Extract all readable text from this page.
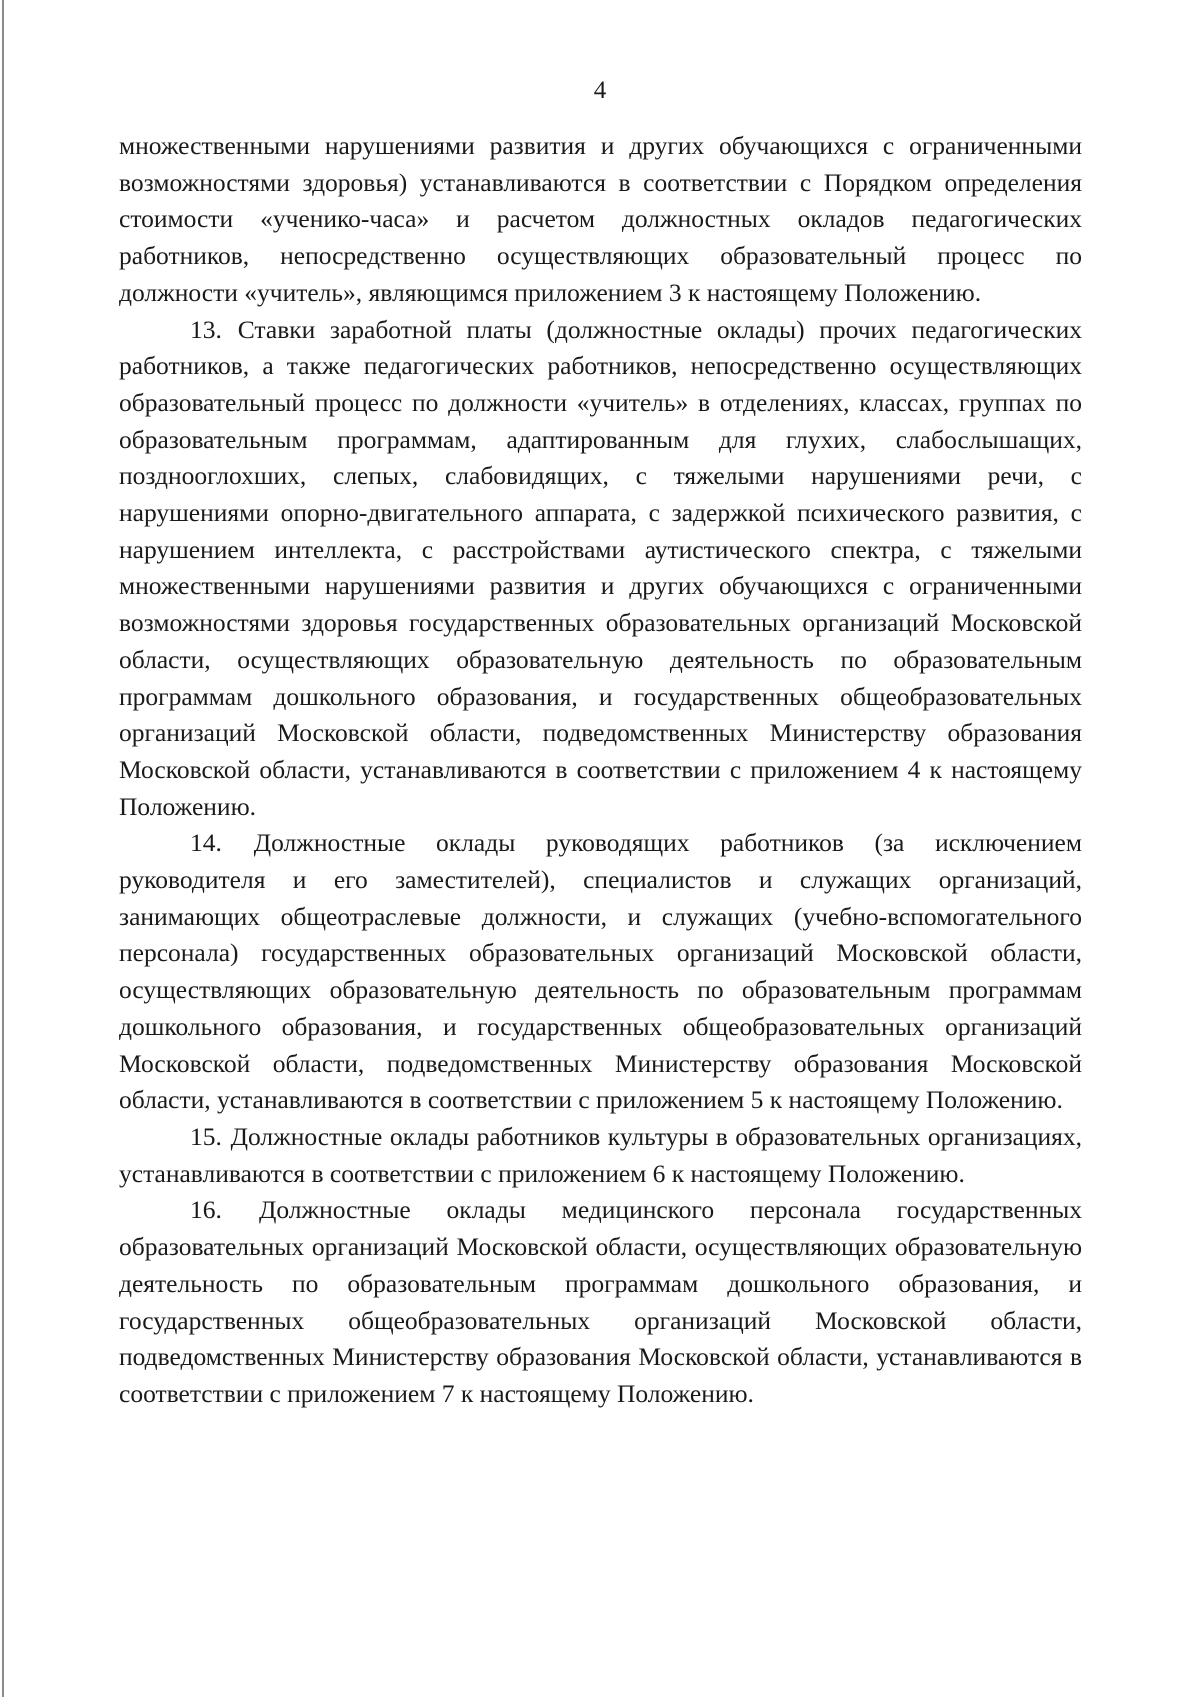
4

множественными нарушениями развития и других обучающихся с ограниченными возможностями здоровья) устанавливаются в соответствии с Порядком определения стоимости «ученико-часа» и расчетом должностных окладов педагогических работников, непосредственно осуществляющих образовательный процесс по должности «учитель», являющимся приложением 3 к настоящему Положению.

13. Ставки заработной платы (должностные оклады) прочих педагогических работников, а также педагогических работников, непосредственно осуществляющих образовательный процесс по должности «учитель» в отделениях, классах, группах по образовательным программам, адаптированным для глухих, слабослышащих, позднооглохших, слепых, слабовидящих, с тяжелыми нарушениями речи, с нарушениями опорно-двигательного аппарата, с задержкой психического развития, с нарушением интеллекта, с расстройствами аутистического спектра, с тяжелыми множественными нарушениями развития и других обучающихся с ограниченными возможностями здоровья государственных образовательных организаций Московской области, осуществляющих образовательную деятельность по образовательным программам дошкольного образования, и государственных общеобразовательных организаций Московской области, подведомственных Министерству образования Московской области, устанавливаются в соответствии с приложением 4 к настоящему Положению.

14. Должностные оклады руководящих работников (за исключением руководителя и его заместителей), специалистов и служащих организаций, занимающих общеотраслевые должности, и служащих (учебно-вспомогательного персонала) государственных образовательных организаций Московской области, осуществляющих образовательную деятельность по образовательным программам дошкольного образования, и государственных общеобразовательных организаций Московской области, подведомственных Министерству образования Московской области, устанавливаются в соответствии с приложением 5 к настоящему Положению.

15. Должностные оклады работников культуры в образовательных организациях, устанавливаются в соответствии с приложением 6 к настоящему Положению.

16. Должностные оклады медицинского персонала государственных образовательных организаций Московской области, осуществляющих образовательную деятельность по образовательным программам дошкольного образования, и государственных общеобразовательных организаций Московской области, подведомственных Министерству образования Московской области, устанавливаются в соответствии с приложением 7 к настоящему Положению.
